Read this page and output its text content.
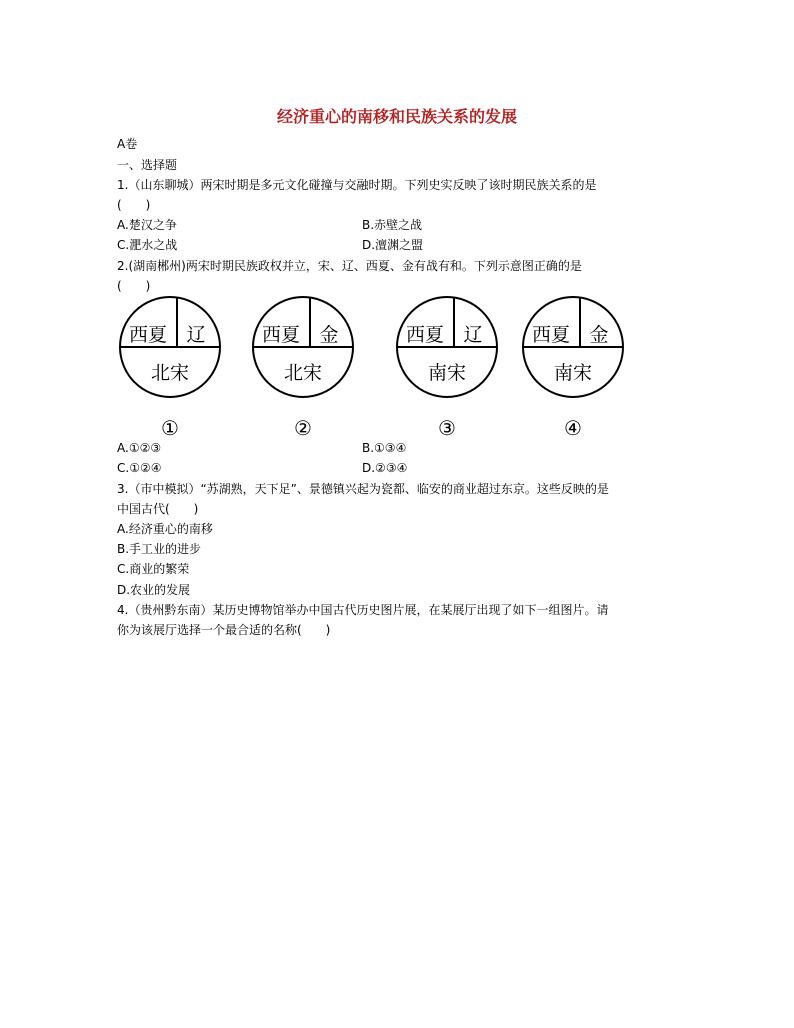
经济重心的南移和民族关系的发展
A卷
一、选择题
1.（山东聊城）两宋时期是多元文化碰撞与交融时期。下列史实反映了该时期民族关系的是
(　　)
A.楚汉之争	B.赤壁之战
C.淝水之战	D.澶渊之盟
2.(湖南郴州)两宋时期民族政权并立，宋、辽、西夏、金有战有和。下列示意图正确的是
(　　)
西夏 辽
北宋
①
西夏 金
北宋
②
西夏 辽
南宋
③
西夏 金
南宋
④
A.①②③	B.①③④
C.①②④	D.②③④
3.（市中模拟）“苏湖熟，天下足”、景德镇兴起为瓷都、临安的商业超过东京。这些反映的是
中国古代(　　)
A.经济重心的南移
B.手工业的进步
C.商业的繁荣
D.农业的发展
4.（贵州黔东南）某历史博物馆举办中国古代历史图片展，在某展厅出现了如下一组图片。请
你为该展厅选择一个最合适的名称(　　)
